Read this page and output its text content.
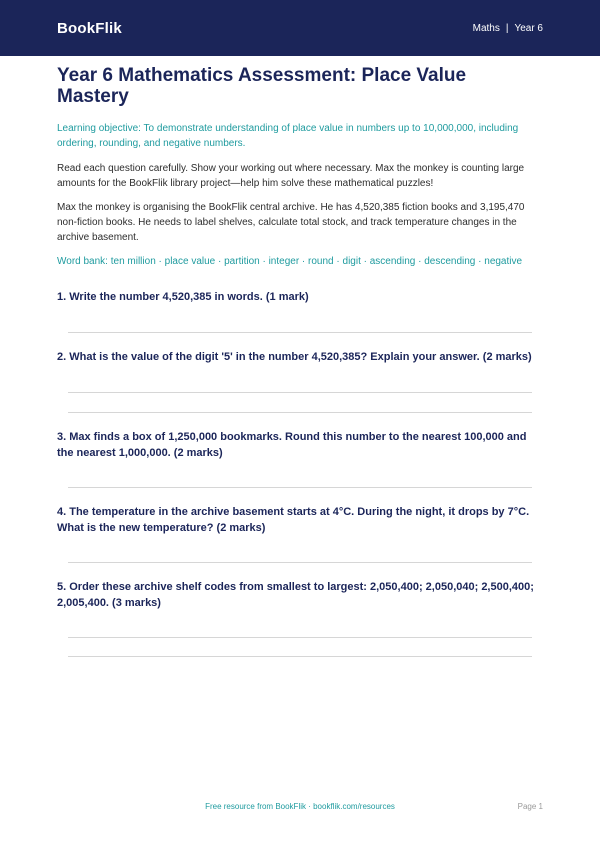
BookFlik	Maths | Year 6
Year 6 Mathematics Assessment: Place Value Mastery
Learning objective: To demonstrate understanding of place value in numbers up to 10,000,000, including ordering, rounding, and negative numbers.
Read each question carefully. Show your working out where necessary. Max the monkey is counting large amounts for the BookFlik library project—help him solve these mathematical puzzles!
Max the monkey is organising the BookFlik central archive. He has 4,520,385 fiction books and 3,195,470 non-fiction books. He needs to label shelves, calculate total stock, and track temperature changes in the archive basement.
Word bank: ten million · place value · partition · integer · round · digit · ascending · descending · negative
1. Write the number 4,520,385 in words. (1 mark)
2. What is the value of the digit '5' in the number 4,520,385? Explain your answer. (2 marks)
3. Max finds a box of 1,250,000 bookmarks. Round this number to the nearest 100,000 and the nearest 1,000,000. (2 marks)
4. The temperature in the archive basement starts at 4°C. During the night, it drops by 7°C. What is the new temperature? (2 marks)
5. Order these archive shelf codes from smallest to largest: 2,050,400; 2,050,040; 2,500,400; 2,005,400. (3 marks)
Free resource from BookFlik · bookflik.com/resources	Page 1
